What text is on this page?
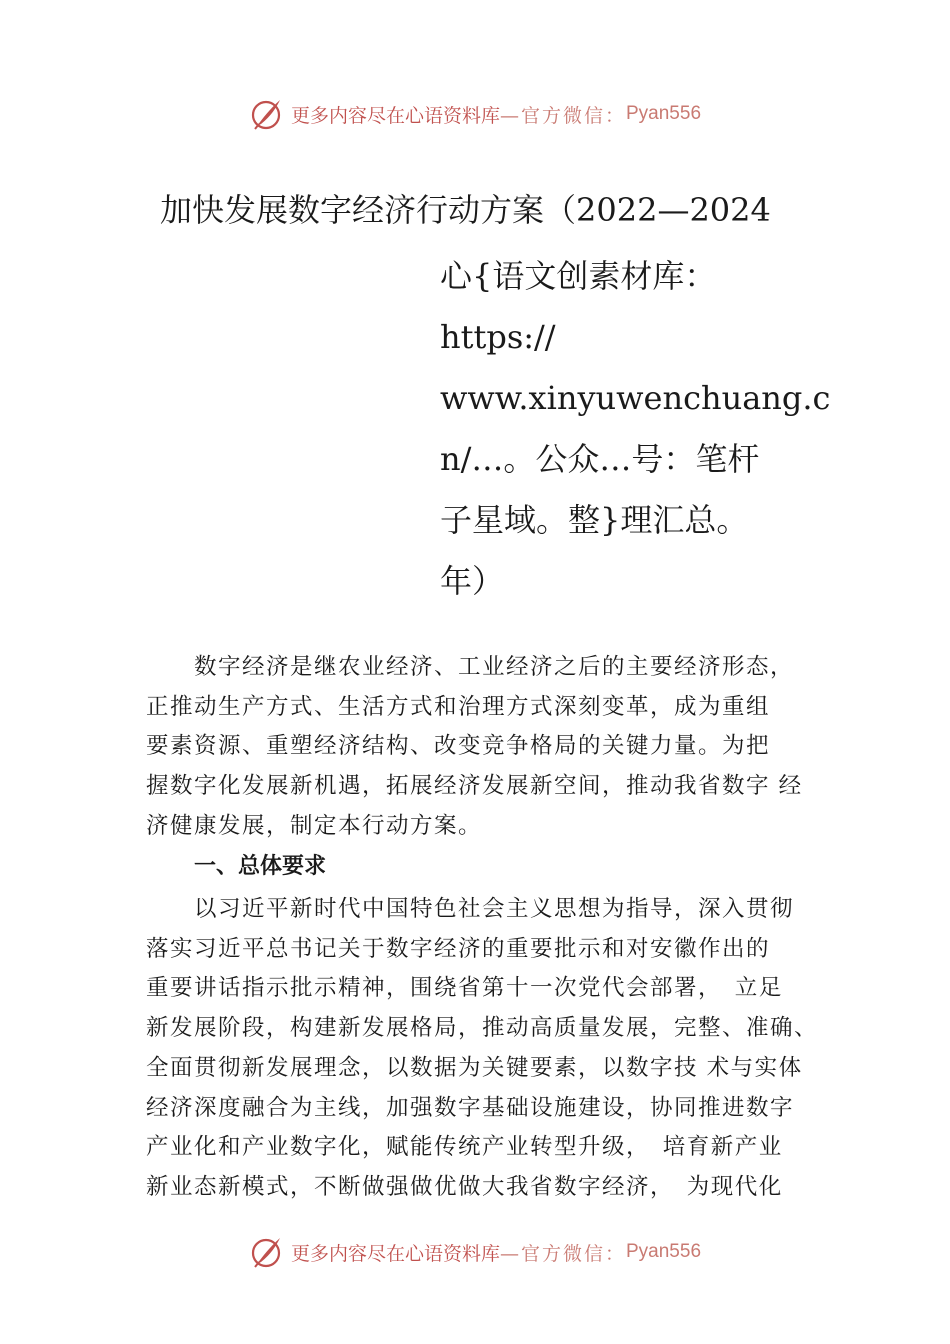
更多内容尽在心语资料库 —官方微信： Pyan556
加快发展数字经济行动方案（2022—2024
心{语文创素材库：
https://
www.xinyuwenchuang.c
n/…。公众…号：笔杆
子星域。整}理汇总。
年）
　　数字经济是继农业经济、工业经济之后的主要经济形态，
正推动生产方式、生活方式和治理方式深刻变革，成为重组
要素资源、重塑经济结构、改变竞争格局的关键力量。为把
握数字化发展新机遇，拓展经济发展新空间，推动我省数字 经
济健康发展，制定本行动方案。
一、总体要求
　　以习近平新时代中国特色社会主义思想为指导，深入贯彻
落实习近平总书记关于数字经济的重要批示和对安徽作出的
重要讲话指示批示精神，围绕省第十一次党代会部署，　立足
新发展阶段，构建新发展格局，推动高质量发展，完整、准确、
全面贯彻新发展理念，以数据为关键要素，以数字技 术与实体
经济深度融合为主线，加强数字基础设施建设，协同推进数字
产业化和产业数字化，赋能传统产业转型升级，　培育新产业
新业态新模式，不断做强做优做大我省数字经济，　为现代化
更多内容尽在心语资料库 —官方微信： Pyan556
